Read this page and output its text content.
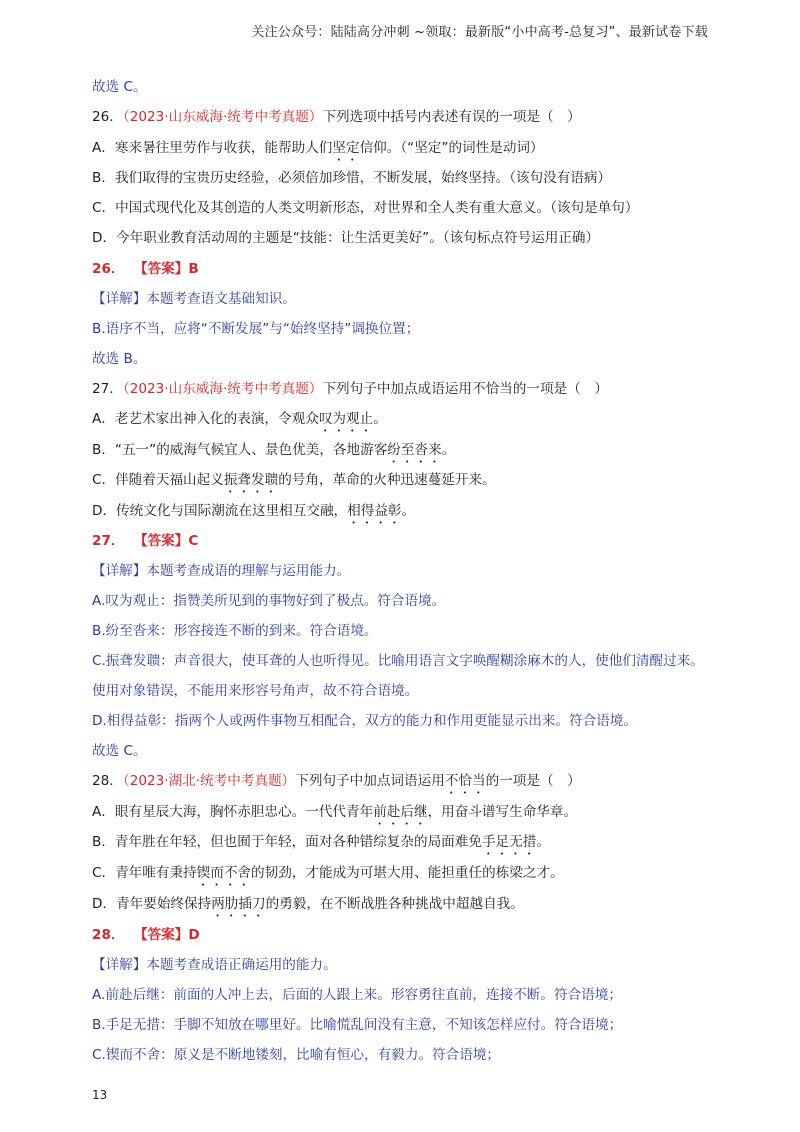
关注公众号：陆陆高分冲刺 ~领取：最新版“小中高考-总复习”、最新试卷下载
故选 C。
26．（2023·山东威海·统考中考真题）下列选项中括号内表述有误的一项是（　）
A．寒来暑往里劳作与收获，能帮助人们坚定信仰。（“坚定”的词性是动词）
B．我们取得的宝贵历史经验，必须倍加珍惜，不断发展，始终坚持。（该句没有语病）
C．中国式现代化及其创造的人类文明新形态，对世界和全人类有重大意义。（该句是单句）
D．今年职业教育活动周的主题是“技能：让生活更美好”。（该句标点符号运用正确）
26． 【答案】B
【详解】本题考查语文基础知识。
B.语序不当，应将“不断发展”与“始终坚持”调换位置；
故选 B。
27．（2023·山东威海·统考中考真题）下列句子中加点成语运用不恰当的一项是（　）
A．老艺术家出神入化的表演，令观众叹为观止。
B．“五一”的威海气候宜人、景色优美，各地游客纷至沓来。
C．伴随着天福山起义振聋发聩的号角，革命的火种迅速蔓延开来。
D．传统文化与国际潮流在这里相互交融，相得益彰。
27． 【答案】C
【详解】本题考查成语的理解与运用能力。
A.叹为观止：指赞美所见到的事物好到了极点。符合语境。
B.纷至沓来：形容接连不断的到来。符合语境。
C.振聋发聩：声音很大，使耳聋的人也听得见。比喻用语言文字唤醒糊涂麻木的人，使他们清醒过来。
使用对象错误，不能用来形容号角声，故不符合语境。
D.相得益彰：指两个人或两件事物互相配合，双方的能力和作用更能显示出来。符合语境。
故选 C。
28．（2023·湖北·统考中考真题）下列句子中加点词语运用不恰当的一项是（　）
A．眼有星辰大海，胸怀赤胆忠心。一代代青年前赴后继，用奋斗谱写生命华章。
B．青年胜在年轻，但也囿于年轻，面对各种错综复杂的局面难免手足无措。
C．青年唯有秉持锲而不舍的韧劲，才能成为可堪大用、能担重任的栋梁之才。
D．青年要始终保持两肋插刀的勇毅，在不断战胜各种挑战中超越自我。
28． 【答案】D
【详解】本题考查成语正确运用的能力。
A.前赴后继：前面的人冲上去，后面的人跟上来。形容勇往直前，连接不断。符合语境；
B.手足无措：手脚不知放在哪里好。比喻慌乱间没有主意，不知该怎样应付。符合语境；
C.锲而不舍：原义是不断地镂刻，比喻有恒心，有毅力。符合语境；
13
